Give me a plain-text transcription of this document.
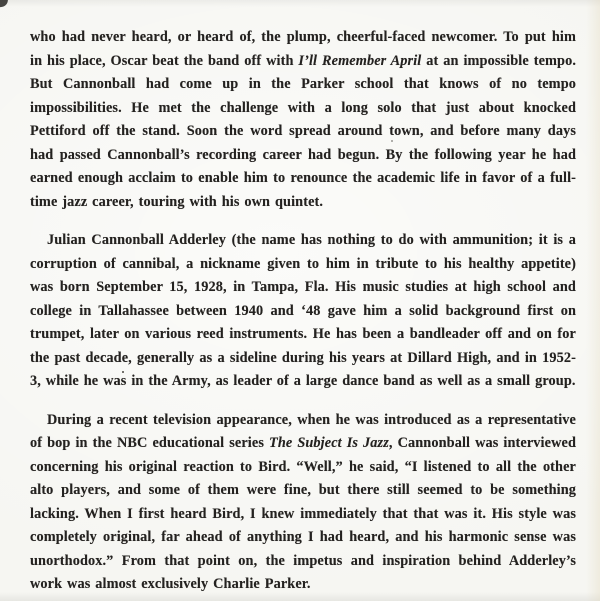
who had never heard, or heard of, the plump, cheerful-faced newcomer. To put him in his place, Oscar beat the band off with I’ll Remember April at an impossible tempo. But Cannonball had come up in the Parker school that knows of no tempo impossibilities. He met the challenge with a long solo that just about knocked Pettiford off the stand. Soon the word spread around town, and before many days had passed Cannonball’s recording career had begun. By the following year he had earned enough acclaim to enable him to renounce the academic life in favor of a full-time jazz career, touring with his own quintet.

Julian Cannonball Adderley (the name has nothing to do with ammunition; it is a corruption of cannibal, a nickname given to him in tribute to his healthy appetite) was born September 15, 1928, in Tampa, Fla. His music studies at high school and college in Tallahassee between 1940 and ‘48 gave him a solid background first on trumpet, later on various reed instruments. He has been a bandleader off and on for the past decade, generally as a sideline during his years at Dillard High, and in 1952-3, while he was in the Army, as leader of a large dance band as well as a small group.

During a recent television appearance, when he was introduced as a representative of bop in the NBC educational series The Subject Is Jazz, Cannonball was interviewed concerning his original reaction to Bird. “Well,” he said, “I listened to all the other alto players, and some of them were fine, but there still seemed to be something lacking. When I first heard Bird, I knew immediately that that was it. His style was completely original, far ahead of anything I had heard, and his harmonic sense was unorthodox.” From that point on, the impetus and inspiration behind Adderley’s work was almost exclusively Charlie Parker.
